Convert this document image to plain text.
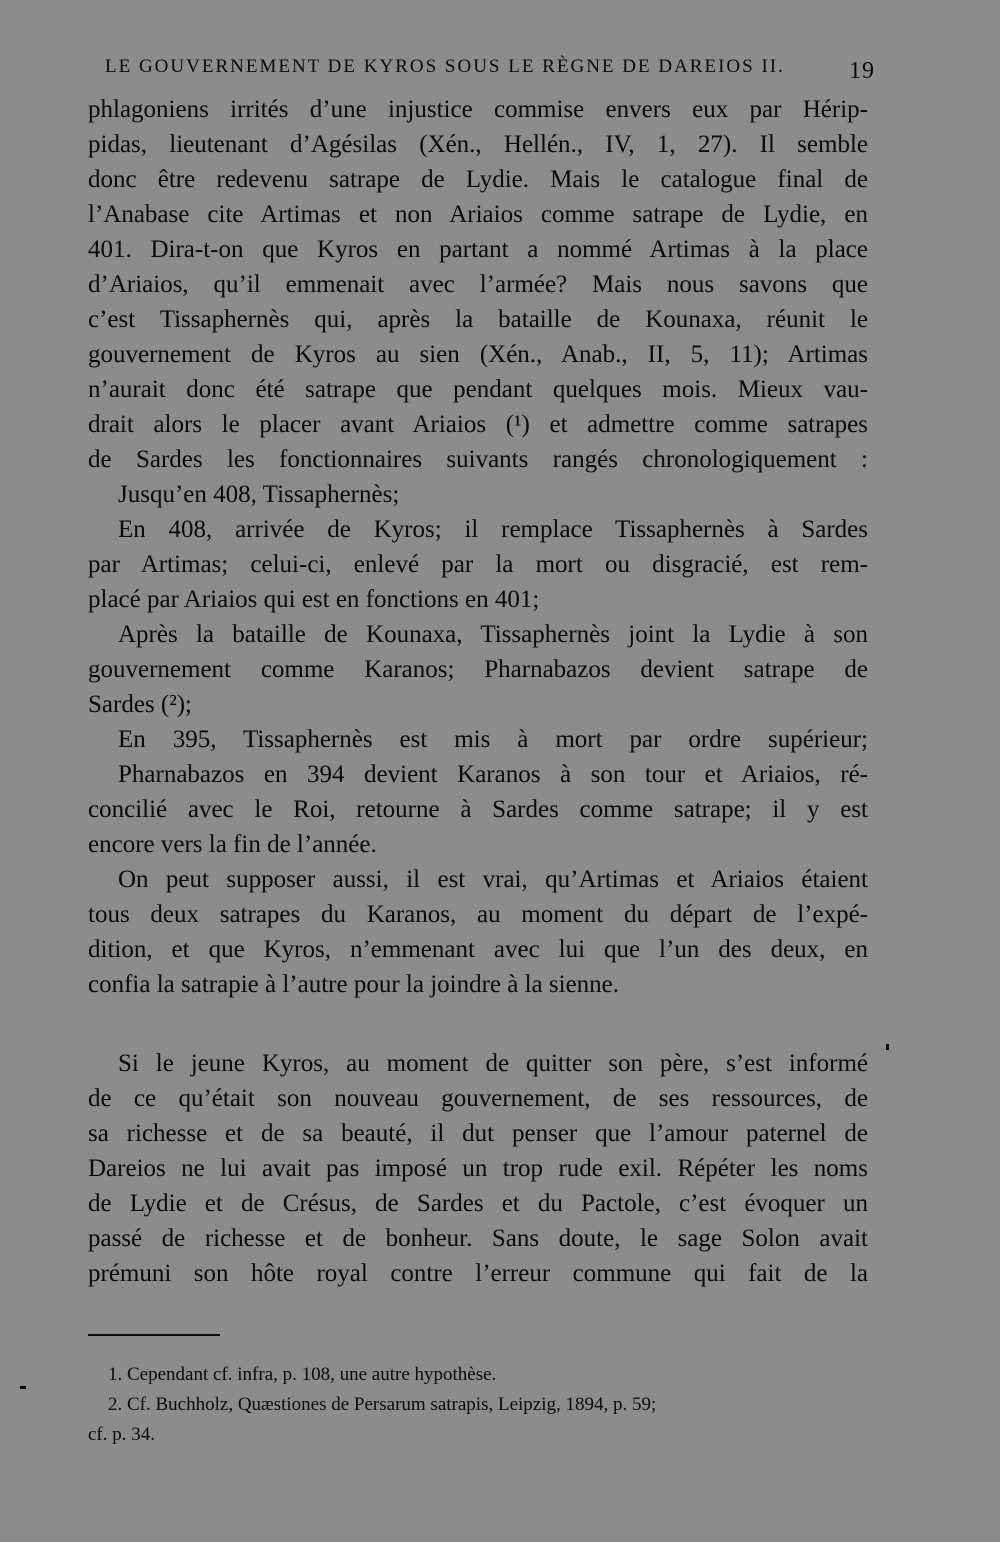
LE GOUVERNEMENT DE KYROS SOUS LE RÈGNE DE DAREIOS II.	19
phlagoniens irrités d’une injustice commise envers eux par Hérip-
pidas, lieutenant d’Agésilas (Xén., Hellén., IV, 1, 27). Il semble
donc être redevenu satrape de Lydie. Mais le catalogue final de
l’Anabase cite Artimas et non Ariaios comme satrape de Lydie, en
401. Dira-t-on que Kyros en partant a nommé Artimas à la place
d’Ariaios, qu’il emmenait avec l’armée? Mais nous savons que
c’est Tissaphernès qui, après la bataille de Kounaxa, réunit le
gouvernement de Kyros au sien (Xén., Anab., II, 5, 11); Artimas
n’aurait donc été satrape que pendant quelques mois. Mieux vau-
drait alors le placer avant Ariaios (¹) et admettre comme satrapes
de Sardes les fonctionnaires suivants rangés chronologiquement :
Jusqu’en 408, Tissaphernès;
En 408, arrivée de Kyros; il remplace Tissaphernès à Sardes
par Artimas; celui-ci, enlevé par la mort ou disgracié, est rem-
placé par Ariaios qui est en fonctions en 401;
Après la bataille de Kounaxa, Tissaphernès joint la Lydie à son
gouvernement comme Karanos; Pharnabazos devient satrape de
Sardes (²);
En 395, Tissaphernès est mis à mort par ordre supérieur;
Pharnabazos en 394 devient Karanos à son tour et Ariaios, ré-
concilié avec le Roi, retourne à Sardes comme satrape; il y est
encore vers la fin de l’année.
On peut supposer aussi, il est vrai, qu’Artimas et Ariaios étaient
tous deux satrapes du Karanos, au moment du départ de l’expé-
dition, et que Kyros, n’emmenant avec lui que l’un des deux, en
confia la satrapie à l’autre pour la joindre à la sienne.
Si le jeune Kyros, au moment de quitter son père, s’est informé
de ce qu’était son nouveau gouvernement, de ses ressources, de
sa richesse et de sa beauté, il dut penser que l’amour paternel de
Dareios ne lui avait pas imposé un trop rude exil. Répéter les noms
de Lydie et de Crésus, de Sardes et du Pactole, c’est évoquer un
passé de richesse et de bonheur. Sans doute, le sage Solon avait
prémuni son hôte royal contre l’erreur commune qui fait de la
1. Cependant cf. infra, p. 108, une autre hypothèse.
2. Cf. Buchholz, Quæstiones de Persarum satrapis, Leipzig, 1894, p. 59;
cf. p. 34.
